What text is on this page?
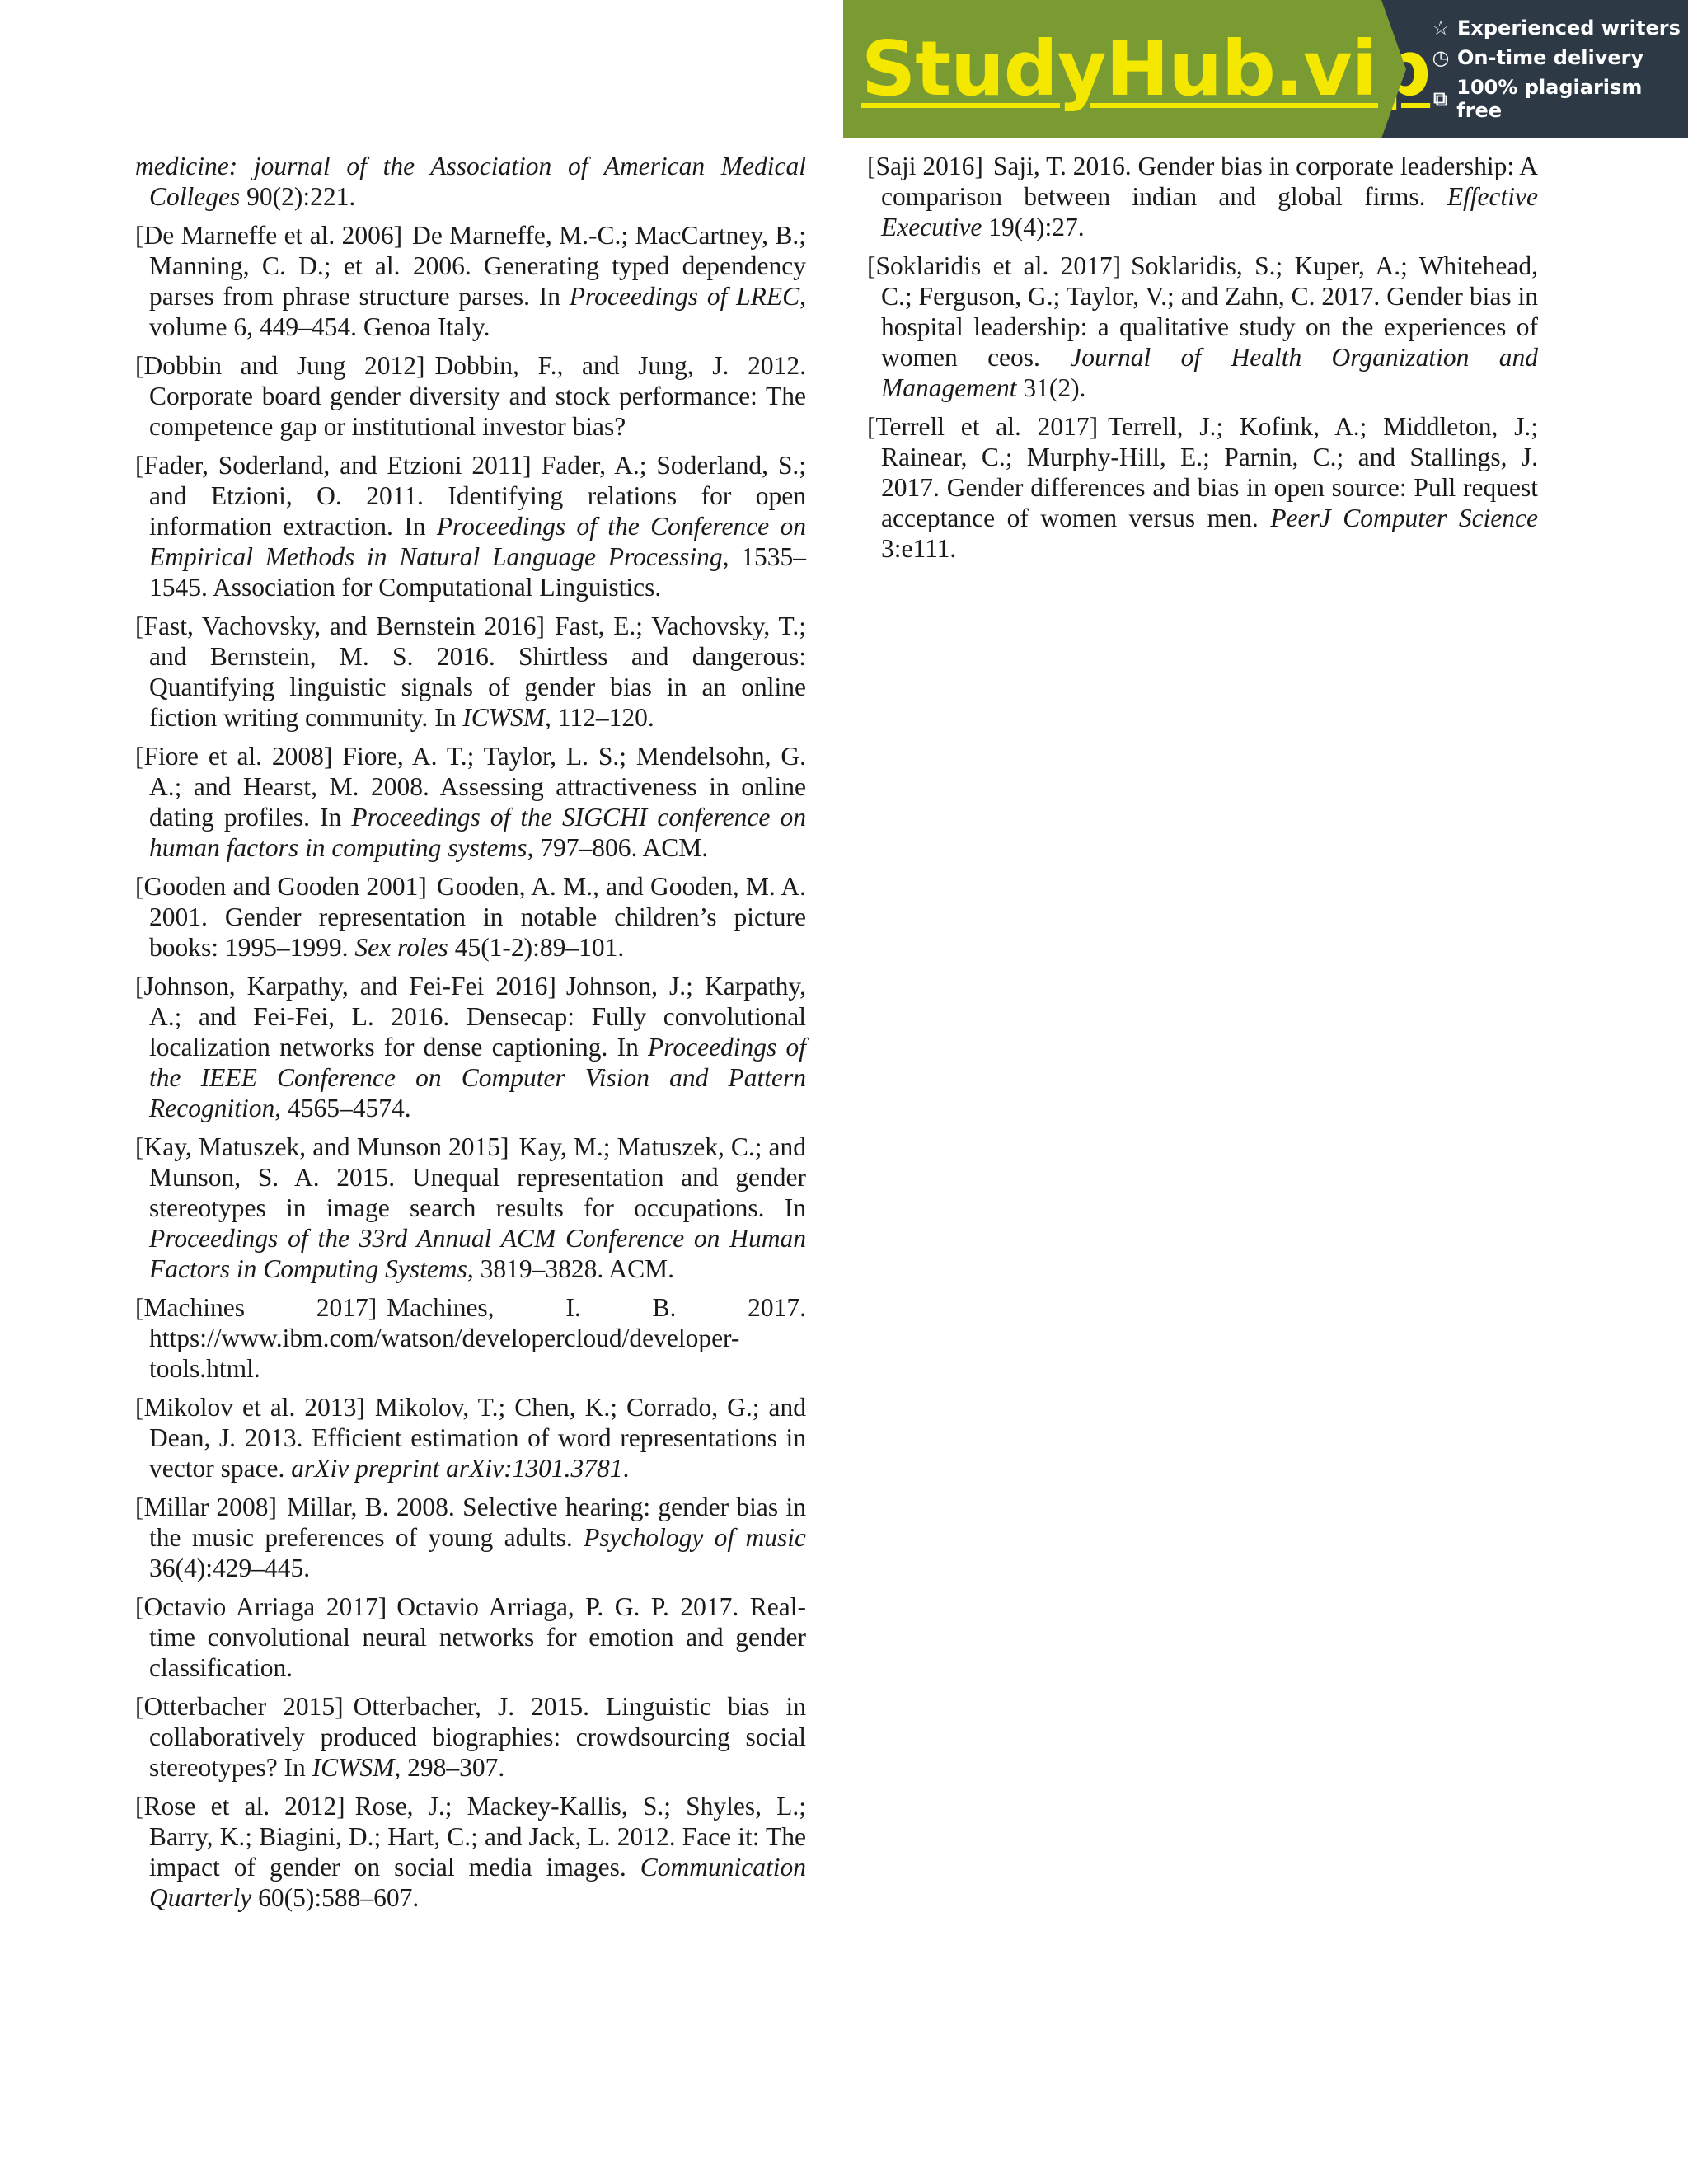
StudyHub.vip ☆ Experienced writers
◷ On-time delivery
⧉ 100% plagiarism free
medicine: journal of the Association of American Medical Colleges 90(2):221.
[De Marneffe et al. 2006] De Marneffe, M.-C.; MacCartney, B.; Manning, C. D.; et al. 2006. Generating typed dependency parses from phrase structure parses. In Proceedings of LREC, volume 6, 449–454. Genoa Italy.
[Dobbin and Jung 2012] Dobbin, F., and Jung, J. 2012. Corporate board gender diversity and stock performance: The competence gap or institutional investor bias?
[Fader, Soderland, and Etzioni 2011] Fader, A.; Soderland, S.; and Etzioni, O. 2011. Identifying relations for open information extraction. In Proceedings of the Conference on Empirical Methods in Natural Language Processing, 1535–1545. Association for Computational Linguistics.
[Fast, Vachovsky, and Bernstein 2016] Fast, E.; Vachovsky, T.; and Bernstein, M. S. 2016. Shirtless and dangerous: Quantifying linguistic signals of gender bias in an online fiction writing community. In ICWSM, 112–120.
[Fiore et al. 2008] Fiore, A. T.; Taylor, L. S.; Mendelsohn, G. A.; and Hearst, M. 2008. Assessing attractiveness in online dating profiles. In Proceedings of the SIGCHI conference on human factors in computing systems, 797–806. ACM.
[Gooden and Gooden 2001] Gooden, A. M., and Gooden, M. A. 2001. Gender representation in notable children’s picture books: 1995–1999. Sex roles 45(1-2):89–101.
[Johnson, Karpathy, and Fei-Fei 2016] Johnson, J.; Karpathy, A.; and Fei-Fei, L. 2016. Densecap: Fully convolutional localization networks for dense captioning. In Proceedings of the IEEE Conference on Computer Vision and Pattern Recognition, 4565–4574.
[Kay, Matuszek, and Munson 2015] Kay, M.; Matuszek, C.; and Munson, S. A. 2015. Unequal representation and gender stereotypes in image search results for occupations. In Proceedings of the 33rd Annual ACM Conference on Human Factors in Computing Systems, 3819–3828. ACM.
[Machines 2017] Machines, I. B. 2017. https://www.ibm.com/watson/developercloud/developer-tools.html.
[Mikolov et al. 2013] Mikolov, T.; Chen, K.; Corrado, G.; and Dean, J. 2013. Efficient estimation of word representations in vector space. arXiv preprint arXiv:1301.3781.
[Millar 2008] Millar, B. 2008. Selective hearing: gender bias in the music preferences of young adults. Psychology of music 36(4):429–445.
[Octavio Arriaga 2017] Octavio Arriaga, P. G. P. 2017. Real-time convolutional neural networks for emotion and gender classification.
[Otterbacher 2015] Otterbacher, J. 2015. Linguistic bias in collaboratively produced biographies: crowdsourcing social stereotypes? In ICWSM, 298–307.
[Rose et al. 2012] Rose, J.; Mackey-Kallis, S.; Shyles, L.; Barry, K.; Biagini, D.; Hart, C.; and Jack, L. 2012. Face it: The impact of gender on social media images. Communication Quarterly 60(5):588–607.
[Saji 2016] Saji, T. 2016. Gender bias in corporate leadership: A comparison between indian and global firms. Effective Executive 19(4):27.
[Soklaridis et al. 2017] Soklaridis, S.; Kuper, A.; Whitehead, C.; Ferguson, G.; Taylor, V.; and Zahn, C. 2017. Gender bias in hospital leadership: a qualitative study on the experiences of women ceos. Journal of Health Organization and Management 31(2).
[Terrell et al. 2017] Terrell, J.; Kofink, A.; Middleton, J.; Rainear, C.; Murphy-Hill, E.; Parnin, C.; and Stallings, J. 2017. Gender differences and bias in open source: Pull request acceptance of women versus men. PeerJ Computer Science 3:e111.
